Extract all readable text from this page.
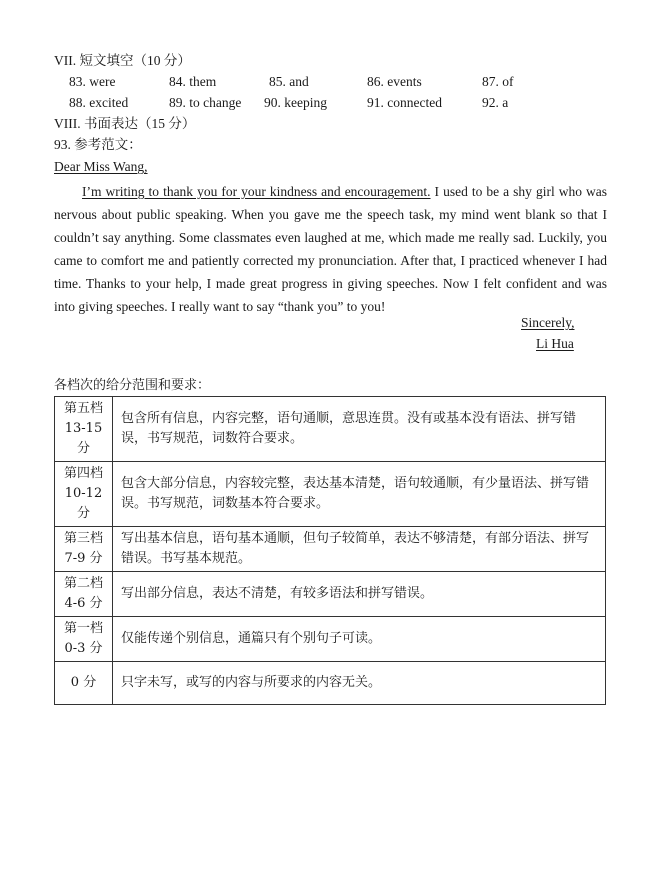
VII. 短文填空（10 分）
83. were	84. them	85. and	86. events	87. of
88. excited	89. to change 90. keeping	91. connected	92. a
VIII. 书面表达（15 分）
93. 参考范文：
Dear Miss Wang,

I’m writing to thank you for your kindness and encouragement. I used to be a shy girl who was nervous about public speaking. When you gave me the speech task, my mind went blank so that I couldn’t say anything. Some classmates even laughed at me, which made me really sad. Luckily, you came to comfort me and patiently corrected my pronunciation. After that, I practiced whenever I had time. Thanks to your help, I made great progress in giving speeches. Now I felt confident and was into giving speeches. I really want to say “thank you” to you!

Sincerely,
Li Hua
各档次的给分范围和要求：
第五档
13-15 分	包含所有信息，内容完整，语句通顺，意思连贯。没有或基本没有语法、拼写错误，书写规范，词数符合要求。

第四档
10-12 分	包含大部分信息，内容较完整，表达基本清楚，语句较通顺，有少量语法、拼写错误。书写规范，词数基本符合要求。

第三档
7-9 分	写出基本信息，语句基本通顺，但句子较简单，表达不够清楚，有部分语法、拼写错误。书写基本规范。

第二档
4-6 分	写出部分信息，表达不清楚，有较多语法和拼写错误。

第一档
0-3 分	仅能传递个别信息，通篇只有个别句子可读。

0 分	只字未写，或写的内容与所要求的内容无关。
